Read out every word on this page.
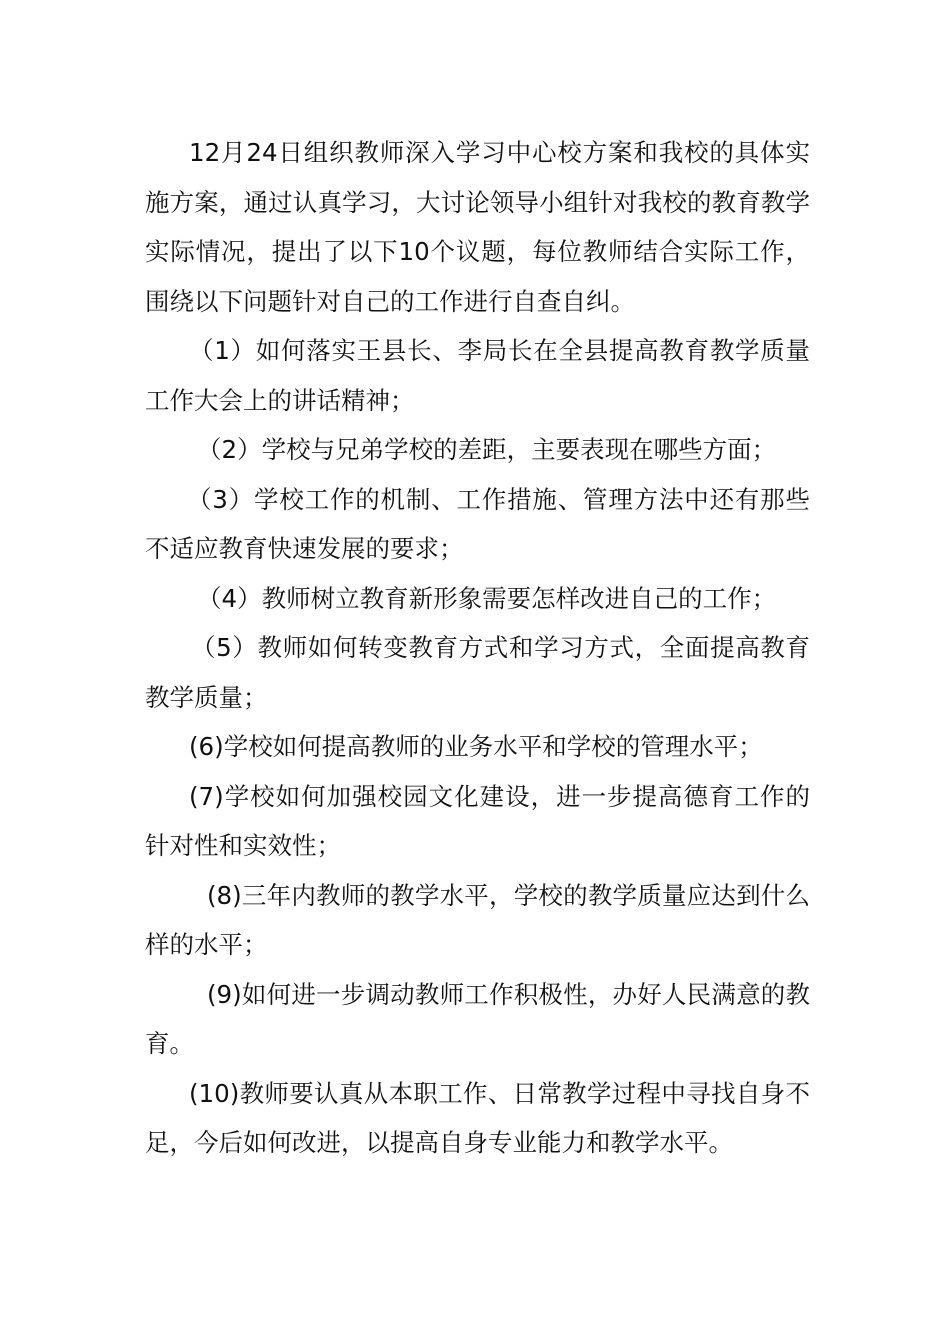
12月24日组织教师深入学习中心校方案和我校的具体实施方案，通过认真学习，大讨论领导小组针对我校的教育教学实际情况，提出了以下10个议题，每位教师结合实际工作，围绕以下问题针对自己的工作进行自查自纠。

（1）如何落实王县长、李局长在全县提高教育教学质量工作大会上的讲话精神；

（2）学校与兄弟学校的差距，主要表现在哪些方面；

（3）学校工作的机制、工作措施、管理方法中还有那些不适应教育快速发展的要求；

（4）教师树立教育新形象需要怎样改进自己的工作；

（5）教师如何转变教育方式和学习方式，全面提高教育教学质量；

(6)学校如何提高教师的业务水平和学校的管理水平；

(7)学校如何加强校园文化建设，进一步提高德育工作的针对性和实效性；

(8)三年内教师的教学水平，学校的教学质量应达到什么样的水平；

(9)如何进一步调动教师工作积极性，办好人民满意的教育。

(10)教师要认真从本职工作、日常教学过程中寻找自身不足，今后如何改进，以提高自身专业能力和教学水平。
